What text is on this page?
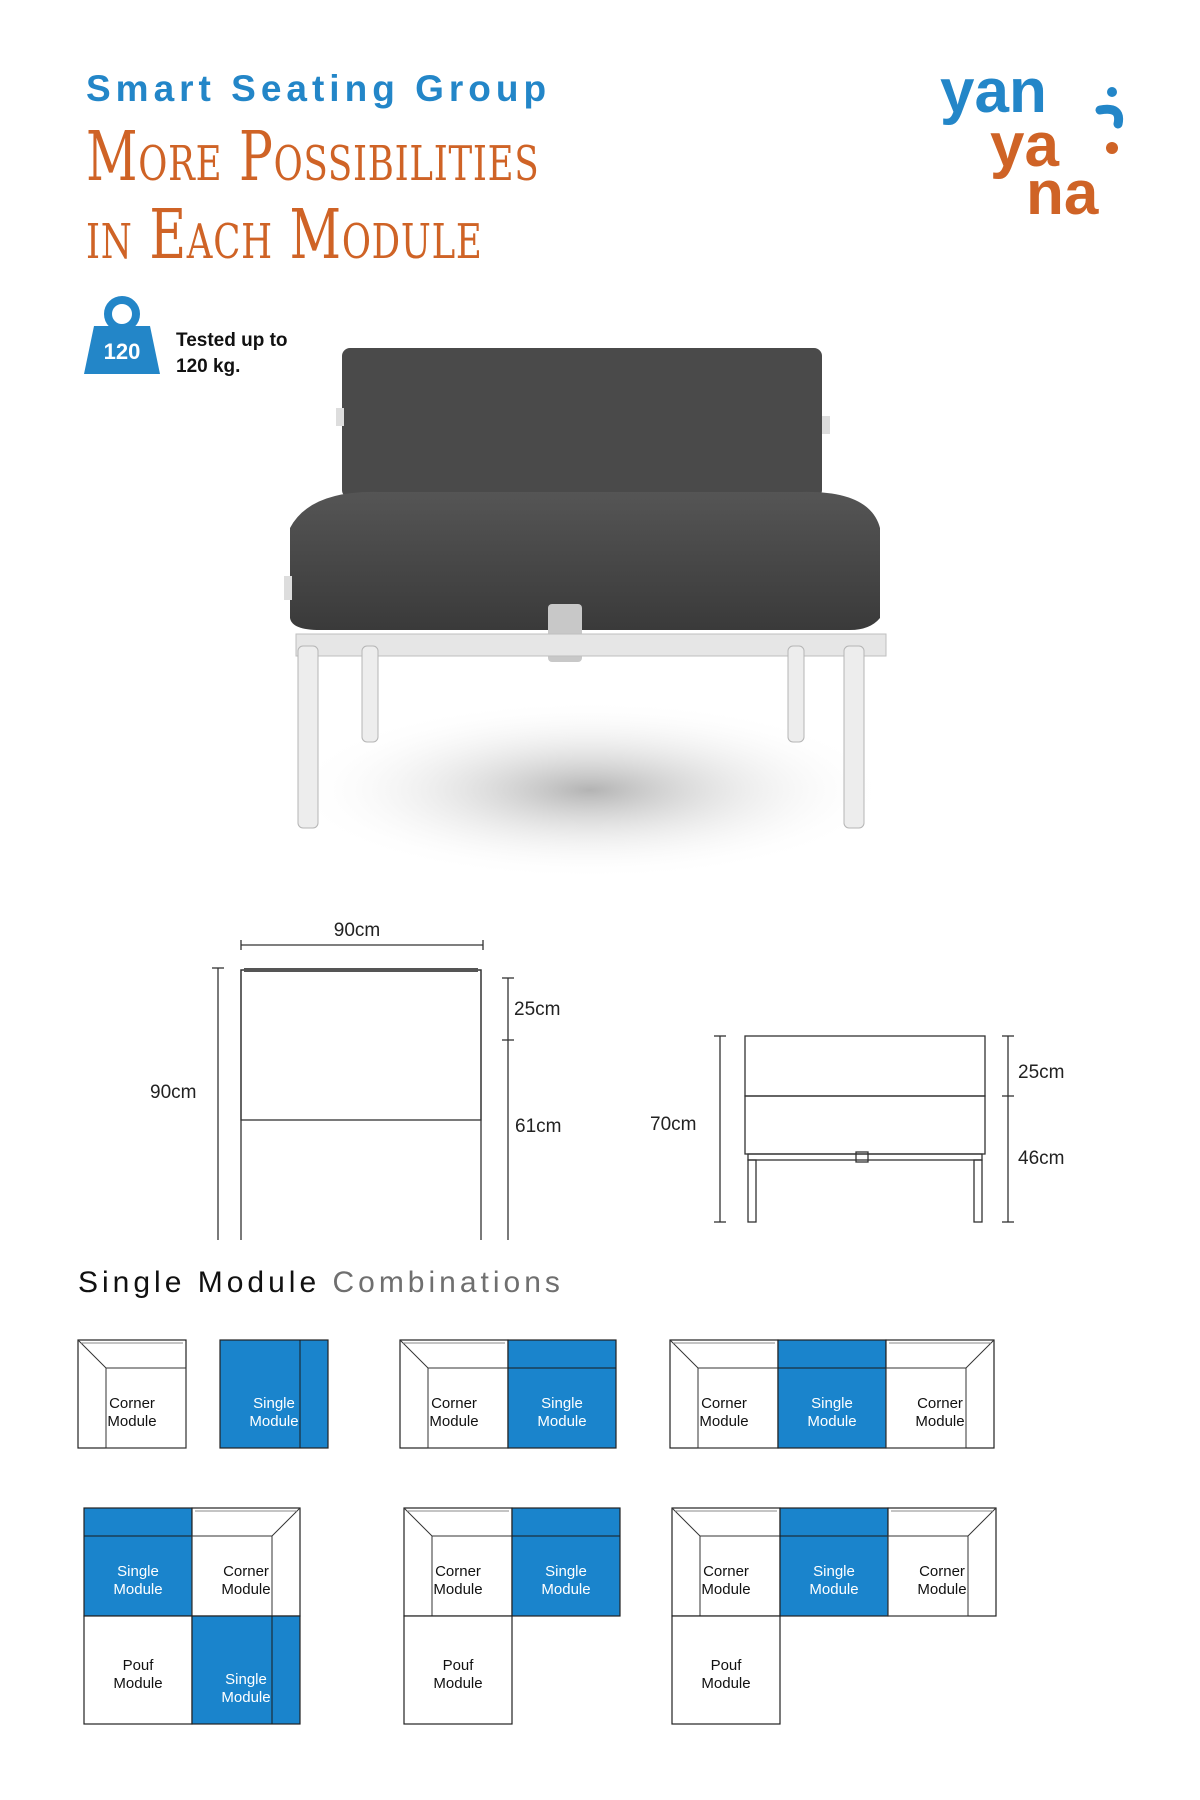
Smart Seating Group
More Possibilities
in Each Module
yan
ya
na
120 Tested up to
120 kg.
90cm
90cm
25cm
61cm	70cm
25cm
46cm
Single Module Combinations
Corner
Module
Single
Module
Corner
Module
Single
Module
Corner
Module
Single
Module
Corner
Module
Single
Module
Corner
Module
Pouf
Module	Single
Module
Corner
Module
Single
Module
Pouf
Module
Corner
Module
Single
Module
Corner
Module
Pouf
Module
